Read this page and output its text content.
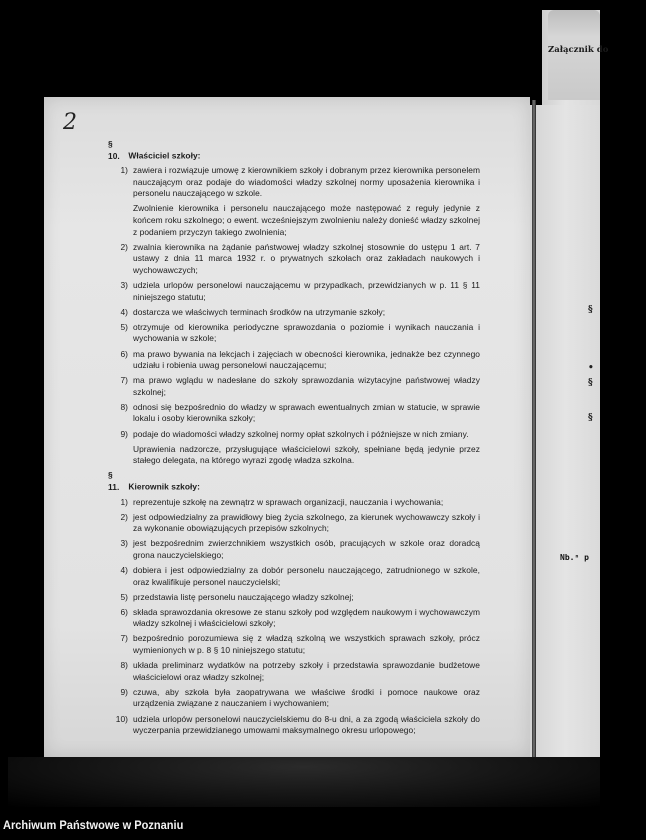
Załącznik do
§
•
§
§
Nb.ⁿ p
2
§ 10. Właściciel szkoły:
1) zawiera i rozwiązuje umowę z kierownikiem szkoły i dobranym przez kierownika personelem nauczającym oraz podaje do wiadomości władzy szkolnej normy uposażenia kierownika i personelu nauczającego w szkole.
Zwolnienie kierownika i personelu nauczającego może następować z reguły jedynie z końcem roku szkolnego; o ewent. wcześniejszym zwolnieniu należy donieść władzy szkolnej z podaniem przyczyn takiego zwolnienia;
2) zwalnia kierownika na żądanie państwowej władzy szkolnej stosownie do ustępu 1 art. 7 ustawy z dnia 11 marca 1932 r. o prywatnych szkołach oraz zakładach naukowych i wychowawczych;
3) udziela urlopów personelowi nauczającemu w przypadkach, przewidzianych w p. 11 § 11 niniejszego statutu;
4) dostarcza we właściwych terminach środków na utrzymanie szkoły;
5) otrzymuje od kierownika periodyczne sprawozdania o poziomie i wynikach nauczania i wychowania w szkole;
6) ma prawo bywania na lekcjach i zajęciach w obecności kierownika, jednakże bez czynnego udziału i robienia uwag personelowi nauczającemu;
7) ma prawo wglądu w nadesłane do szkoły sprawozdania wizytacyjne państwowej władzy szkolnej;
8) odnosi się bezpośrednio do władzy w sprawach ewentualnych zmian w statucie, w sprawie lokalu i osoby kierownika szkoły;
9) podaje do wiadomości władzy szkolnej normy opłat szkolnych i późniejsze w nich zmiany.
Uprawienia nadzorcze, przysługujące właścicielowi szkoły, spełniane będą jedynie przez stałego delegata, na którego wyrazi zgodę władza szkolna.
§ 11. Kierownik szkoły:
1) reprezentuje szkołę na zewnątrz w sprawach organizacji, nauczania i wychowania;
2) jest odpowiedzialny za prawidłowy bieg życia szkolnego, za kierunek wychowawczy szkoły i za wykonanie obowiązujących przepisów szkolnych;
3) jest bezpośrednim zwierzchnikiem wszystkich osób, pracujących w szkole oraz doradcą grona nauczycielskiego;
4) dobiera i jest odpowiedzialny za dobór personelu nauczającego, zatrudnionego w szkole, oraz kwalifikuje personel nauczycielski;
5) przedstawia listę personelu nauczającego władzy szkolnej;
6) składa sprawozdania okresowe ze stanu szkoły pod względem naukowym i wychowawczym władzy szkolnej i właścicielowi szkoły;
7) bezpośrednio porozumiewa się z władzą szkolną we wszystkich sprawach szkoły, prócz wymienionych w p. 8 § 10 niniejszego statutu;
8) układa preliminarz wydatków na potrzeby szkoły i przedstawia sprawozdanie budżetowe właścicielowi oraz władzy szkolnej;
9) czuwa, aby szkoła była zaopatrywana we właściwe środki i pomoce naukowe oraz urządzenia związane z nauczaniem i wychowaniem;
10) udziela urlopów personelowi nauczycielskiemu do 8-u dni, a za zgodą właściciela szkoły do wyczerpania przewidzianego umowami maksymalnego okresu urlopowego;
Archiwum Państwowe w Poznaniu
